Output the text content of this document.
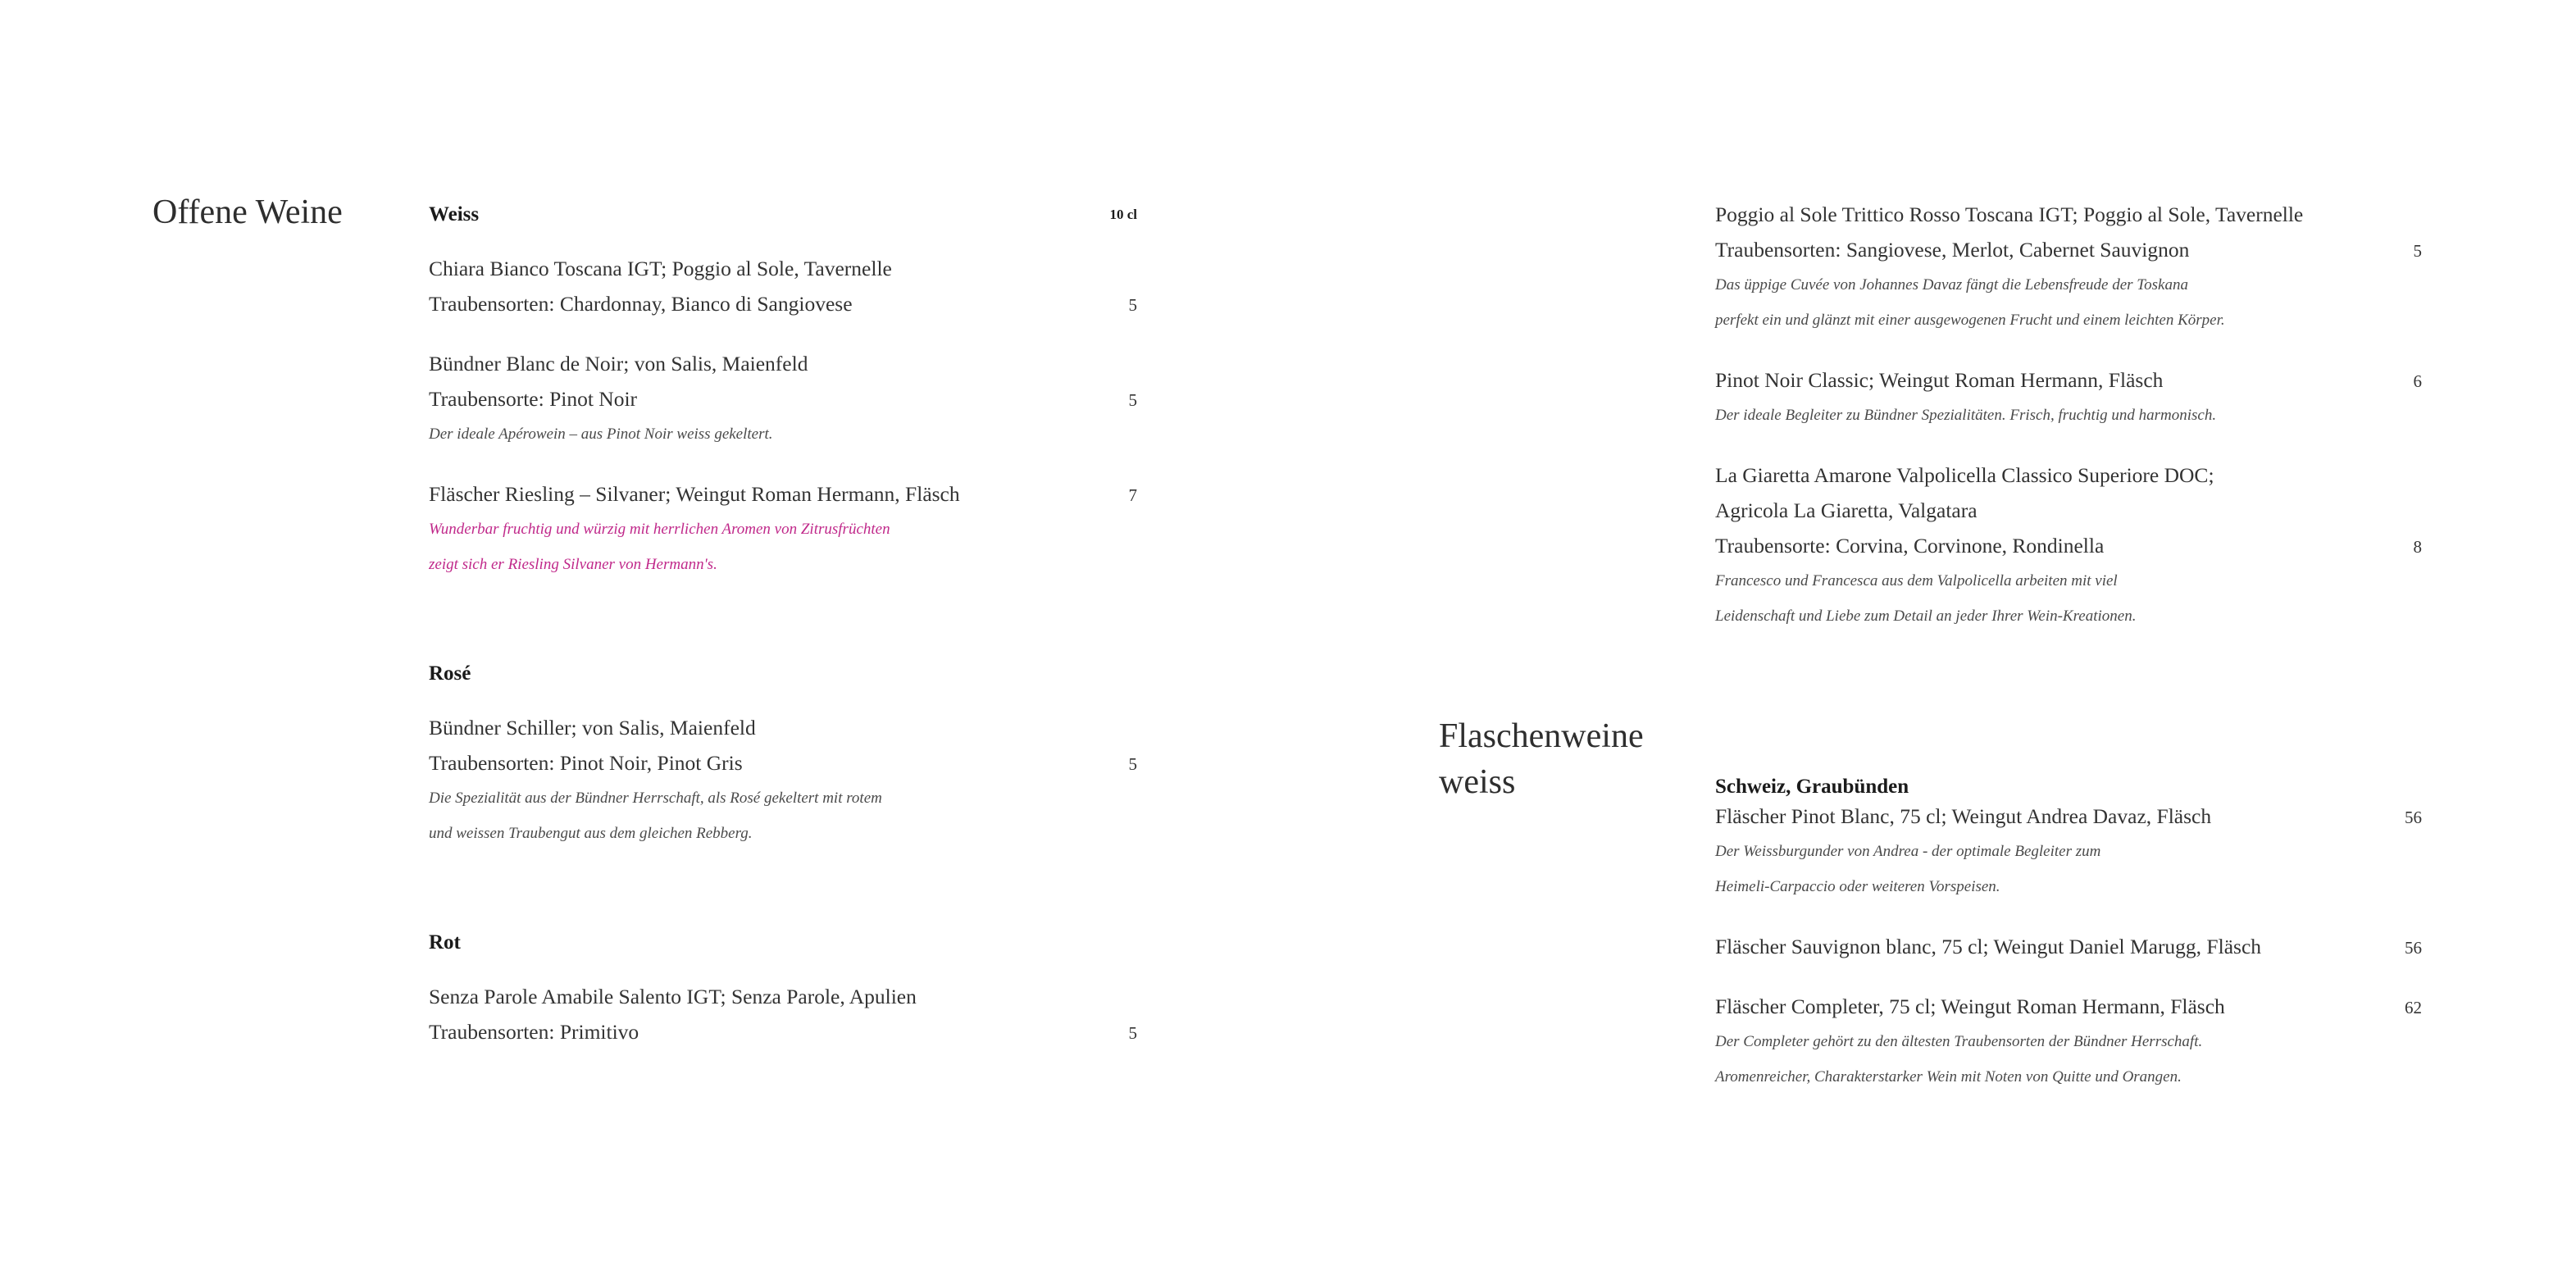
Offene Weine	Weiss	10 cl
Chiara Bianco Toscana IGT; Poggio al Sole, Tavernelle
Traubensorten: Chardonnay, Bianco di Sangiovese	5
Bündner Blanc de Noir; von Salis, Maienfeld
Traubensorte: Pinot Noir	5
Der ideale Apérowein – aus Pinot Noir weiss gekeltert.
Fläscher Riesling – Silvaner; Weingut Roman Hermann, Fläsch	7
Wunderbar fruchtig und würzig mit herrlichen Aromen von Zitrusfrüchten
zeigt sich er Riesling Silvaner von Hermann's.
Rosé
Bündner Schiller; von Salis, Maienfeld
Traubensorten: Pinot Noir, Pinot Gris	5
Die Spezialität aus der Bündner Herrschaft, als Rosé gekeltert mit rotem
und weissen Traubengut aus dem gleichen Rebberg.
Rot
Senza Parole Amabile Salento IGT; Senza Parole, Apulien
Traubensorten: Primitivo	5
Poggio al Sole Trittico Rosso Toscana IGT; Poggio al Sole, Tavernelle
Traubensorten: Sangiovese, Merlot, Cabernet Sauvignon	5
Das üppige Cuvée von Johannes Davaz fängt die Lebensfreude der Toskana
perfekt ein und glänzt mit einer ausgewogenen Frucht und einem leichten Körper.
Pinot Noir Classic; Weingut Roman Hermann, Fläsch	6
Der ideale Begleiter zu Bündner Spezialitäten. Frisch, fruchtig und harmonisch.
La Giaretta Amarone Valpolicella Classico Superiore DOC;
Agricola La Giaretta, Valgatara
Traubensorte: Corvina, Corvinone, Rondinella	8
Francesco und Francesca aus dem Valpolicella arbeiten mit viel
Leidenschaft und Liebe zum Detail an jeder Ihrer Wein-Kreationen.
Flaschenweine
weiss	Schweiz, Graubünden
Fläscher Pinot Blanc, 75 cl; Weingut Andrea Davaz, Fläsch	56
Der Weissburgunder von Andrea - der optimale Begleiter zum
Heimeli-Carpaccio oder weiteren Vorspeisen.
Fläscher Sauvignon blanc, 75 cl; Weingut Daniel Marugg, Fläsch	56
Fläscher Completer, 75 cl; Weingut Roman Hermann, Fläsch	62
Der Completer gehört zu den ältesten Traubensorten der Bündner Herrschaft.
Aromenreicher, Charakterstarker Wein mit Noten von Quitte und Orangen.
